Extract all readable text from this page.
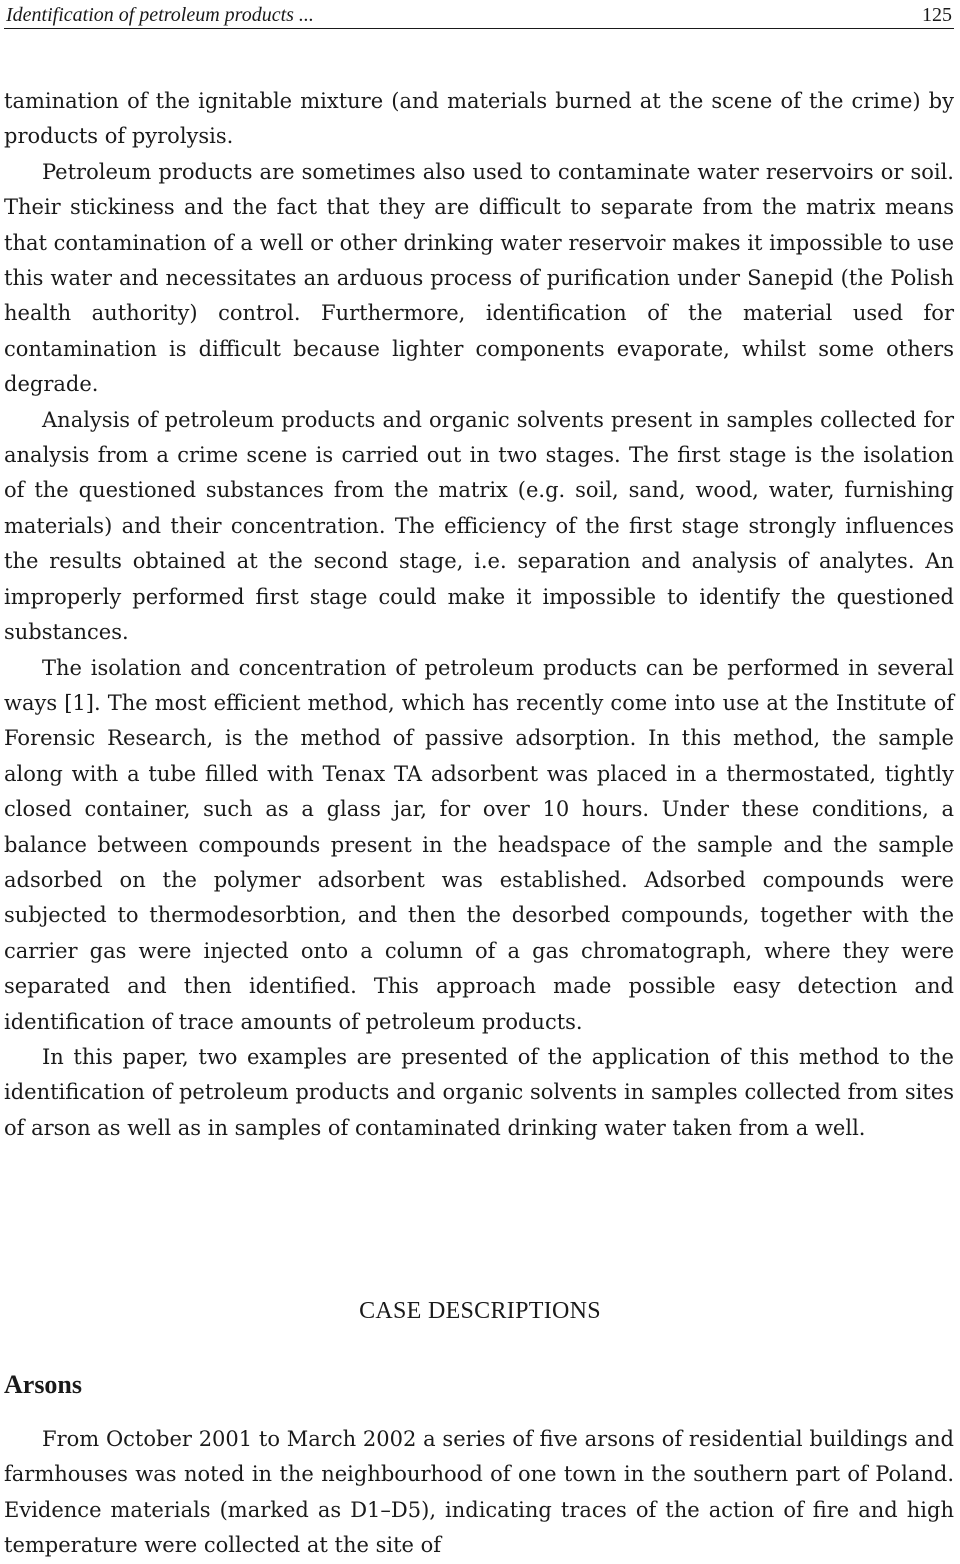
Identification of petroleum products ...	125

tamination of the ignitable mixture (and materials burned at the scene of the crime) by products of pyrolysis.

Petroleum products are sometimes also used to contaminate water reservoirs or soil. Their stickiness and the fact that they are difficult to separate from the matrix means that contamination of a well or other drinking water reservoir makes it impossible to use this water and necessitates an arduous process of purification under Sanepid (the Polish health authority) control. Furthermore, identification of the material used for contamination is difficult because lighter components evaporate, whilst some others degrade.

Analysis of petroleum products and organic solvents present in samples collected for analysis from a crime scene is carried out in two stages. The first stage is the isolation of the questioned substances from the matrix (e.g. soil, sand, wood, water, furnishing materials) and their concentration. The efficiency of the first stage strongly influences the results obtained at the second stage, i.e. separation and analysis of analytes. An improperly performed first stage could make it impossible to identify the questioned substances.

The isolation and concentration of petroleum products can be performed in several ways [1]. The most efficient method, which has recently come into use at the Institute of Forensic Research, is the method of passive adsorption. In this method, the sample along with a tube filled with Tenax TA adsorbent was placed in a thermostated, tightly closed container, such as a glass jar, for over 10 hours. Under these conditions, a balance between compounds present in the headspace of the sample and the sample adsorbed on the polymer adsorbent was established. Adsorbed compounds were subjected to thermodesorbtion, and then the desorbed compounds, together with the carrier gas were injected onto a column of a gas chromatograph, where they were separated and then identified. This approach made possible easy detection and identification of trace amounts of petroleum products.

In this paper, two examples are presented of the application of this method to the identification of petroleum products and organic solvents in samples collected from sites of arson as well as in samples of contaminated drinking water taken from a well.

CASE DESCRIPTIONS
Arsons

From October 2001 to March 2002 a series of five arsons of residential buildings and farmhouses was noted in the neighbourhood of one town in the southern part of Poland. Evidence materials (marked as D1–D5), indicating traces of the action of fire and high temperature were collected at the site of
